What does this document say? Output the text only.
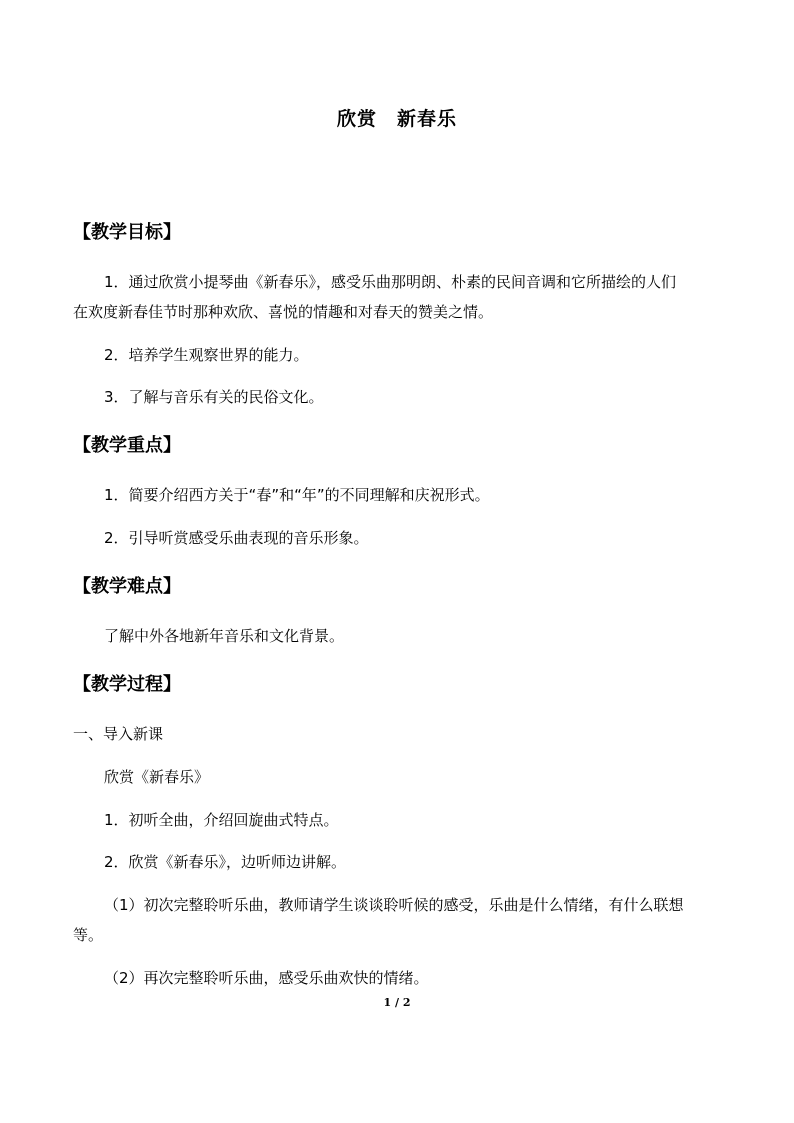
欣赏　新春乐
【教学目标】
1．通过欣赏小提琴曲《新春乐》，感受乐曲那明朗、朴素的民间音调和它所描绘的人们
在欢度新春佳节时那种欢欣、喜悦的情趣和对春天的赞美之情。
2．培养学生观察世界的能力。
3．了解与音乐有关的民俗文化。
【教学重点】
1．简要介绍西方关于“春”和“年”的不同理解和庆祝形式。
2．引导听赏感受乐曲表现的音乐形象。
【教学难点】
了解中外各地新年音乐和文化背景。
【教学过程】
一、导入新课
欣赏《新春乐》
1．初听全曲，介绍回旋曲式特点。
2．欣赏《新春乐》，边听师边讲解。
（1）初次完整聆听乐曲，教师请学生谈谈聆听候的感受，乐曲是什么情绪，有什么联想
等。
（2）再次完整聆听乐曲，感受乐曲欢快的情绪。
1 / 2
